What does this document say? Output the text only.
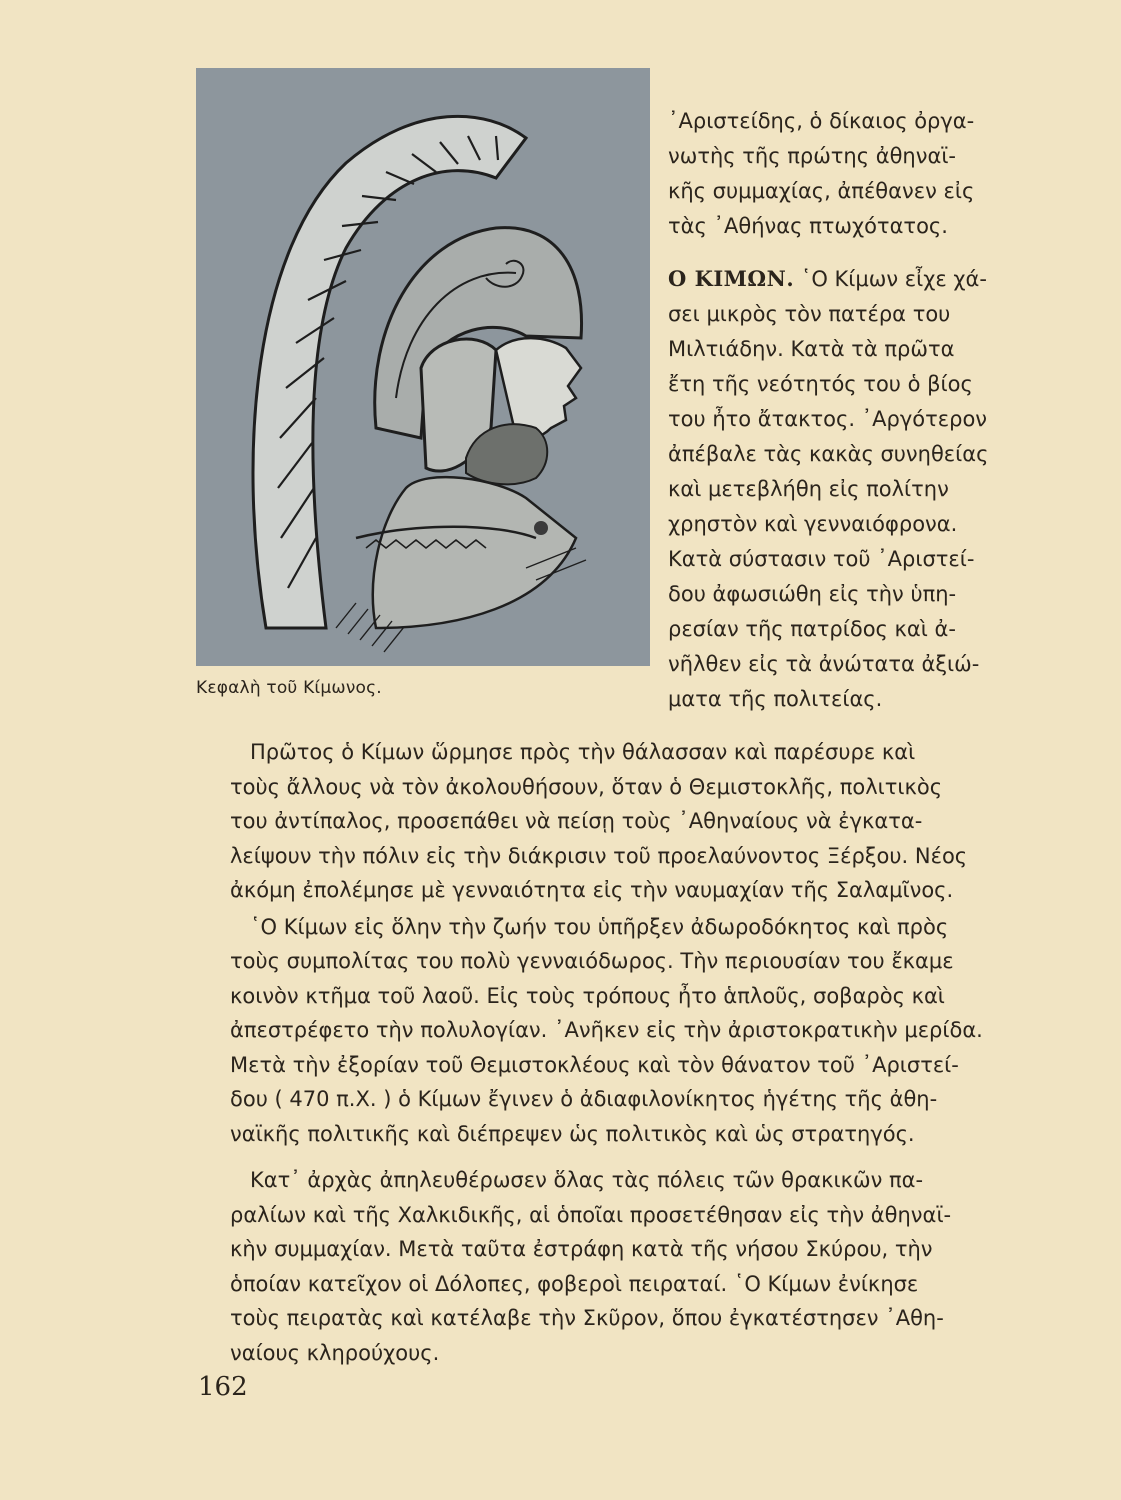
Κεφαλὴ τοῦ Κίμωνος.

᾿Αριστείδης, ὁ δίκαιος ὀργα-
νωτὴς τῆς πρώτης ἀθηναϊ-
κῆς συμμαχίας, ἀπέθανεν εἰς
τὰς ᾿Αθήνας πτωχότατος.

Ο ΚΙΜΩΝ. ῾Ο Κίμων εἶχε χά-
σει μικρὸς τὸν πατέρα του
Μιλτιάδην. Κατὰ τὰ πρῶτα
ἔτη τῆς νεότητός του ὁ βίος
του ἦτο ἄτακτος. ᾿Αργότερον
ἀπέβαλε τὰς κακὰς συνηθείας
καὶ μετεβλήθη εἰς πολίτην
χρηστὸν καὶ γενναιόφρονα.
Κατὰ σύστασιν τοῦ ᾿Αριστεί-
δου ἀφωσιώθη εἰς τὴν ὑπη-
ρεσίαν τῆς πατρίδος καὶ ἀ-
νῆλθεν εἰς τὰ ἀνώτατα ἀξιώ-
ματα τῆς πολιτείας.

Πρῶτος ὁ Κίμων ὥρμησε πρὸς τὴν θάλασσαν καὶ παρέσυρε καὶ
τοὺς ἄλλους νὰ τὸν ἀκολουθήσουν, ὅταν ὁ Θεμιστοκλῆς, πολιτικὸς
του ἀντίπαλος, προσεπάθει νὰ πείσῃ τοὺς ᾿Αθηναίους νὰ ἐγκατα-
λείψουν τὴν πόλιν εἰς τὴν διάκρισιν τοῦ προελαύνοντος Ξέρξου. Νέος
ἀκόμη ἐπολέμησε μὲ γενναιότητα εἰς τὴν ναυμαχίαν τῆς Σαλαμῖνος.

῾Ο Κίμων εἰς ὅλην τὴν ζωήν του ὑπῆρξεν ἀδωροδόκητος καὶ πρὸς
τοὺς συμπολίτας του πολὺ γενναιόδωρος. Τὴν περιουσίαν του ἔκαμε
κοινὸν κτῆμα τοῦ λαοῦ. Εἰς τοὺς τρόπους ἦτο ἁπλοῦς, σοβαρὸς καὶ
ἀπεστρέφετο τὴν πολυλογίαν. ᾿Ανῆκεν εἰς τὴν ἀριστοκρατικὴν μερίδα.
Μετὰ τὴν ἐξορίαν τοῦ Θεμιστοκλέους καὶ τὸν θάνατον τοῦ ᾿Αριστεί-
δου ( 470 π.Χ. ) ὁ Κίμων ἔγινεν ὁ ἀδιαφιλονίκητος ἡγέτης τῆς ἀθη-
ναϊκῆς πολιτικῆς καὶ διέπρεψεν ὡς πολιτικὸς καὶ ὡς στρατηγός.

Κατ᾿ ἀρχὰς ἀπηλευθέρωσεν ὅλας τὰς πόλεις τῶν θρακικῶν πα-
ραλίων καὶ τῆς Χαλκιδικῆς, αἱ ὁποῖαι προσετέθησαν εἰς τὴν ἀθηναϊ-
κὴν συμμαχίαν. Μετὰ ταῦτα ἐστράφη κατὰ τῆς νήσου Σκύρου, τὴν
ὁποίαν κατεῖχον οἱ Δόλοπες, φοβεροὶ πειραταί. ῾Ο Κίμων ἐνίκησε
τοὺς πειρατὰς καὶ κατέλαβε τὴν Σκῦρον, ὅπου ἐγκατέστησεν ᾿Αθη-
ναίους κληρούχους.

162
